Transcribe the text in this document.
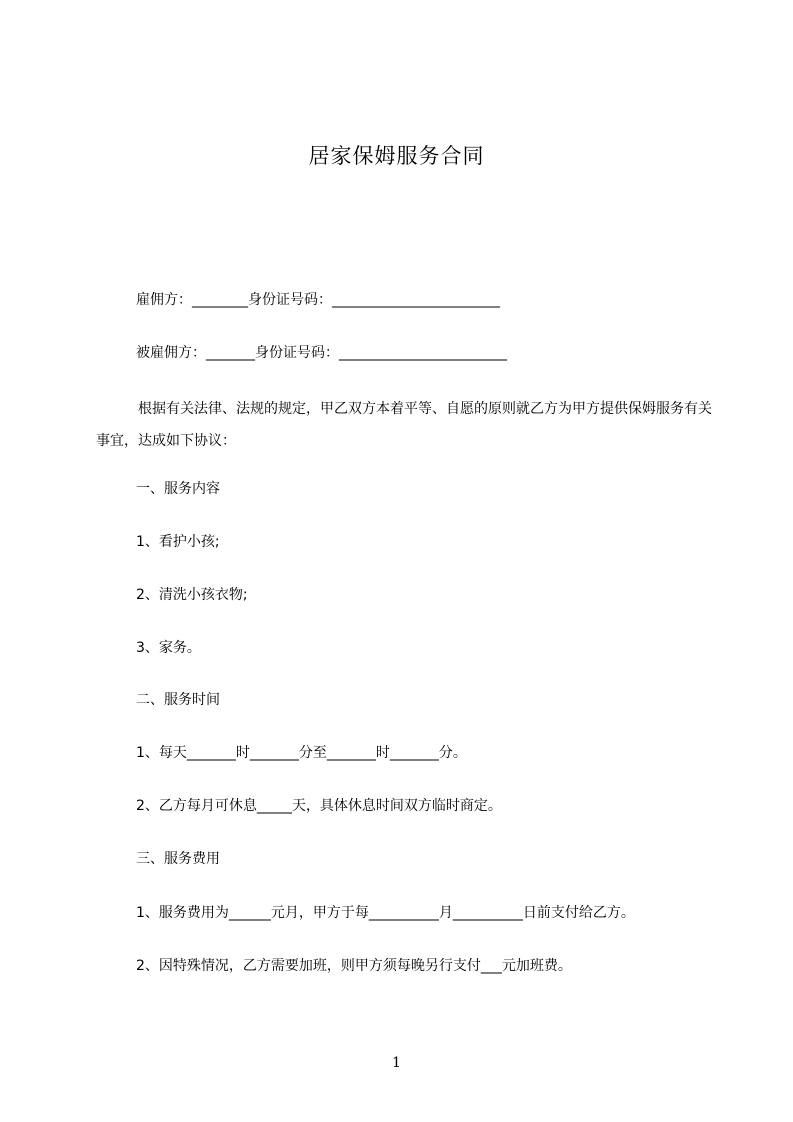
居家保姆服务合同
雇佣方：________身份证号码：________________________
被雇佣方：_______身份证号码：________________________
根据有关法律、法规的规定，甲乙双方本着平等、自愿的原则就乙方为甲方提供保姆服务有关事宜，达成如下协议：
一、服务内容
1、看护小孩;
2、清洗小孩衣物;
3、家务。
二、服务时间
1、每天_______时_______分至_______时_______分。
2、乙方每月可休息_____天，具体休息时间双方临时商定。
三、服务费用
1、服务费用为______元月，甲方于每__________月__________日前支付给乙方。
2、因特殊情况，乙方需要加班，则甲方须每晚另行支付___元加班费。
1
